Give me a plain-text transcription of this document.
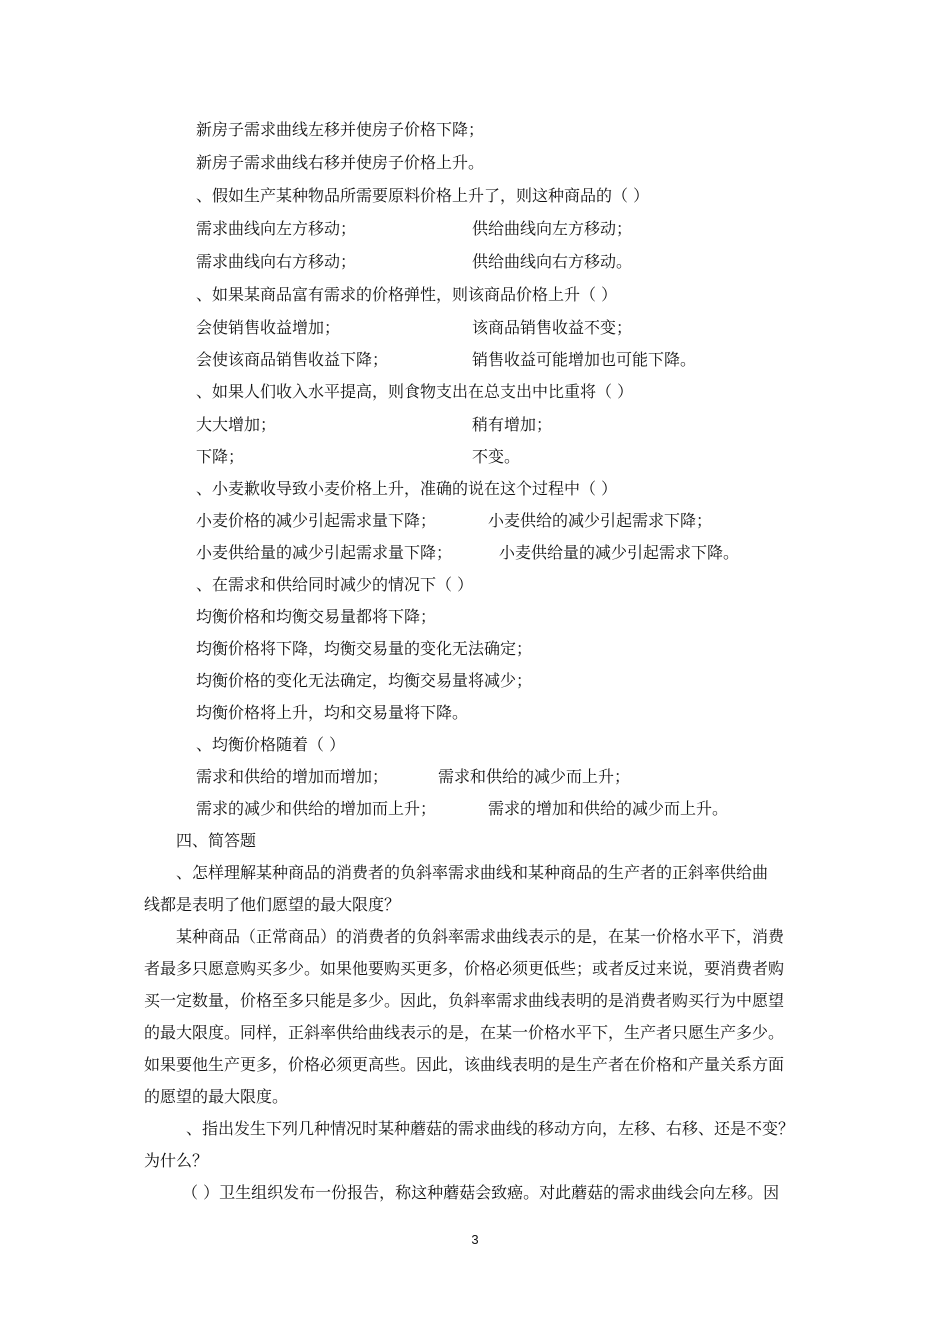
新房子需求曲线左移并使房子价格下降；
新房子需求曲线右移并使房子价格上升。
、假如生产某种物品所需要原料价格上升了，则这种商品的（ ）
需求曲线向左方移动；	供给曲线向左方移动；
需求曲线向右方移动；	供给曲线向右方移动。
、如果某商品富有需求的价格弹性，则该商品价格上升（ ）
会使销售收益增加；	该商品销售收益不变；
会使该商品销售收益下降；	销售收益可能增加也可能下降。
、如果人们收入水平提高，则食物支出在总支出中比重将（ ）
大大增加；	稍有增加；
下降；	不变。
、小麦歉收导致小麦价格上升，准确的说在这个过程中（ ）
小麦价格的减少引起需求量下降；	小麦供给的减少引起需求下降；
小麦供给量的减少引起需求量下降；	小麦供给量的减少引起需求下降。
、在需求和供给同时减少的情况下（ ）
均衡价格和均衡交易量都将下降；
均衡价格将下降，均衡交易量的变化无法确定；
均衡价格的变化无法确定，均衡交易量将减少；
均衡价格将上升，均和交易量将下降。
、均衡价格随着（ ）
需求和供给的增加而增加；	需求和供给的减少而上升；
需求的减少和供给的增加而上升；	需求的增加和供给的减少而上升。
四、简答题
、怎样理解某种商品的消费者的负斜率需求曲线和某种商品的生产者的正斜率供给曲
线都是表明了他们愿望的最大限度？
某种商品（正常商品）的消费者的负斜率需求曲线表示的是，在某一价格水平下，消费
者最多只愿意购买多少。如果他要购买更多，价格必须更低些；或者反过来说，要消费者购
买一定数量，价格至多只能是多少。因此，负斜率需求曲线表明的是消费者购买行为中愿望
的最大限度。同样，正斜率供给曲线表示的是，在某一价格水平下，生产者只愿生产多少。
如果要他生产更多，价格必须更高些。因此，该曲线表明的是生产者在价格和产量关系方面
的愿望的最大限度。
、指出发生下列几种情况时某种蘑菇的需求曲线的移动方向，左移、右移、还是不变？
为什么？
（ ）卫生组织发布一份报告，称这种蘑菇会致癌。对此蘑菇的需求曲线会向左移。因
3
